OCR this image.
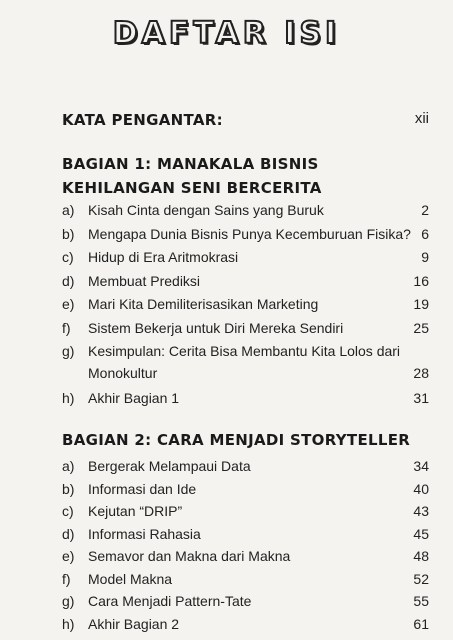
DAFTAR ISI
KATA PENGANTAR:	xii
BAGIAN 1: MANAKALA BISNIS KEHILANGAN SENI BERCERITA
a) Kisah Cinta dengan Sains yang Buruk	2
b) Mengapa Dunia Bisnis Punya Kecemburuan Fisika? 6
c)	Hidup di Era Aritmokrasi	9
d) Membuat Prediksi	16
e) Mari Kita Demiliterisasikan Marketing	19
f)	Sistem Bekerja untuk Diri Mereka Sendiri	25
g) Kesimpulan: Cerita Bisa Membantu Kita Lolos dari Monokultur	28
h) Akhir Bagian 1	31
BAGIAN 2: CARA MENJADI STORYTELLER
a) Bergerak Melampaui Data	34
b) Informasi dan Ide	40
c)	Kejutan “DRIP”	43
d) Informasi Rahasia	45
e) Semavor dan Makna dari Makna	48
f)	Model Makna	52
g) Cara Menjadi Pattern-Tate	55
h) Akhir Bagian 2	61
